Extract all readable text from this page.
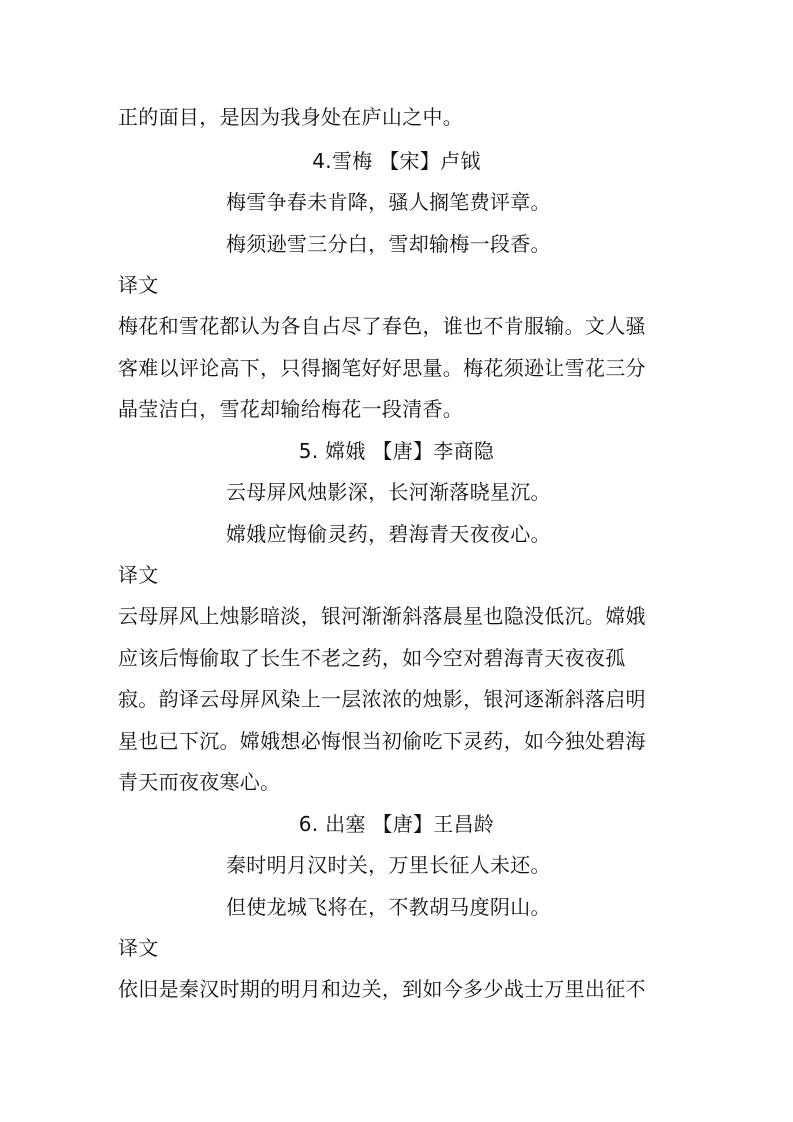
正的面目，是因为我身处在庐山之中。
4.雪梅 【宋】卢钺
梅雪争春未肯降，骚人搁笔费评章。
梅须逊雪三分白，雪却输梅一段香。
译文
梅花和雪花都认为各自占尽了春色，谁也不肯服输。文人骚
客难以评论高下，只得搁笔好好思量。梅花须逊让雪花三分
晶莹洁白，雪花却输给梅花一段清香。
5. 嫦娥 【唐】李商隐
云母屏风烛影深，长河渐落晓星沉。
嫦娥应悔偷灵药，碧海青天夜夜心。
译文
云母屏风上烛影暗淡，银河渐渐斜落晨星也隐没低沉。嫦娥
应该后悔偷取了长生不老之药，如今空对碧海青天夜夜孤
寂。韵译云母屏风染上一层浓浓的烛影，银河逐渐斜落启明
星也已下沉。嫦娥想必悔恨当初偷吃下灵药，如今独处碧海
青天而夜夜寒心。
6. 出塞 【唐】王昌龄
秦时明月汉时关，万里长征人未还。
但使龙城飞将在，不教胡马度阴山。
译文
依旧是秦汉时期的明月和边关，到如今多少战士万里出征不
